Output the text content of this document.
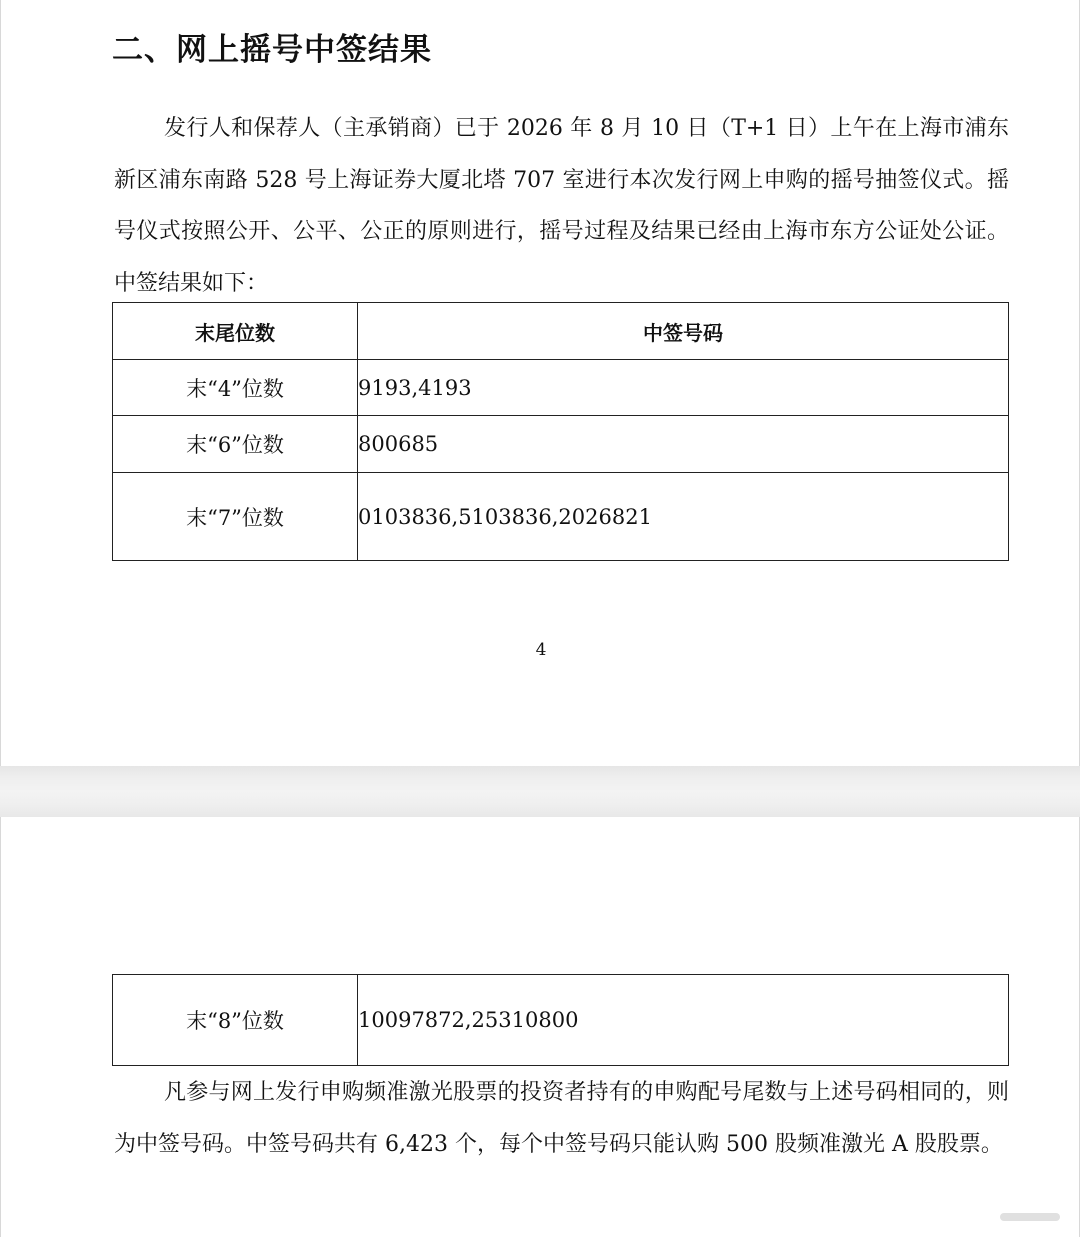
二、网上摇号中签结果

发行人和保荐人（主承销商）已于 2026 年 8 月 10 日（T+1 日）上午在上海市浦东新区浦东南路 528 号上海证券大厦北塔 707 室进行本次发行网上申购的摇号抽签仪式。摇号仪式按照公开、公平、公正的原则进行，摇号过程及结果已经由上海市东方公证处公证。中签结果如下：

末尾位数	中签号码
末“4”位数	9193,4193
末“6”位数	800685
末“7”位数	0103836,5103836,2026821
4
末“8”位数	10097872,25310800

凡参与网上发行申购频准激光股票的投资者持有的申购配号尾数与上述号码相同的，则为中签号码。中签号码共有 6,423 个，每个中签号码只能认购 500 股频准激光 A 股股票。
